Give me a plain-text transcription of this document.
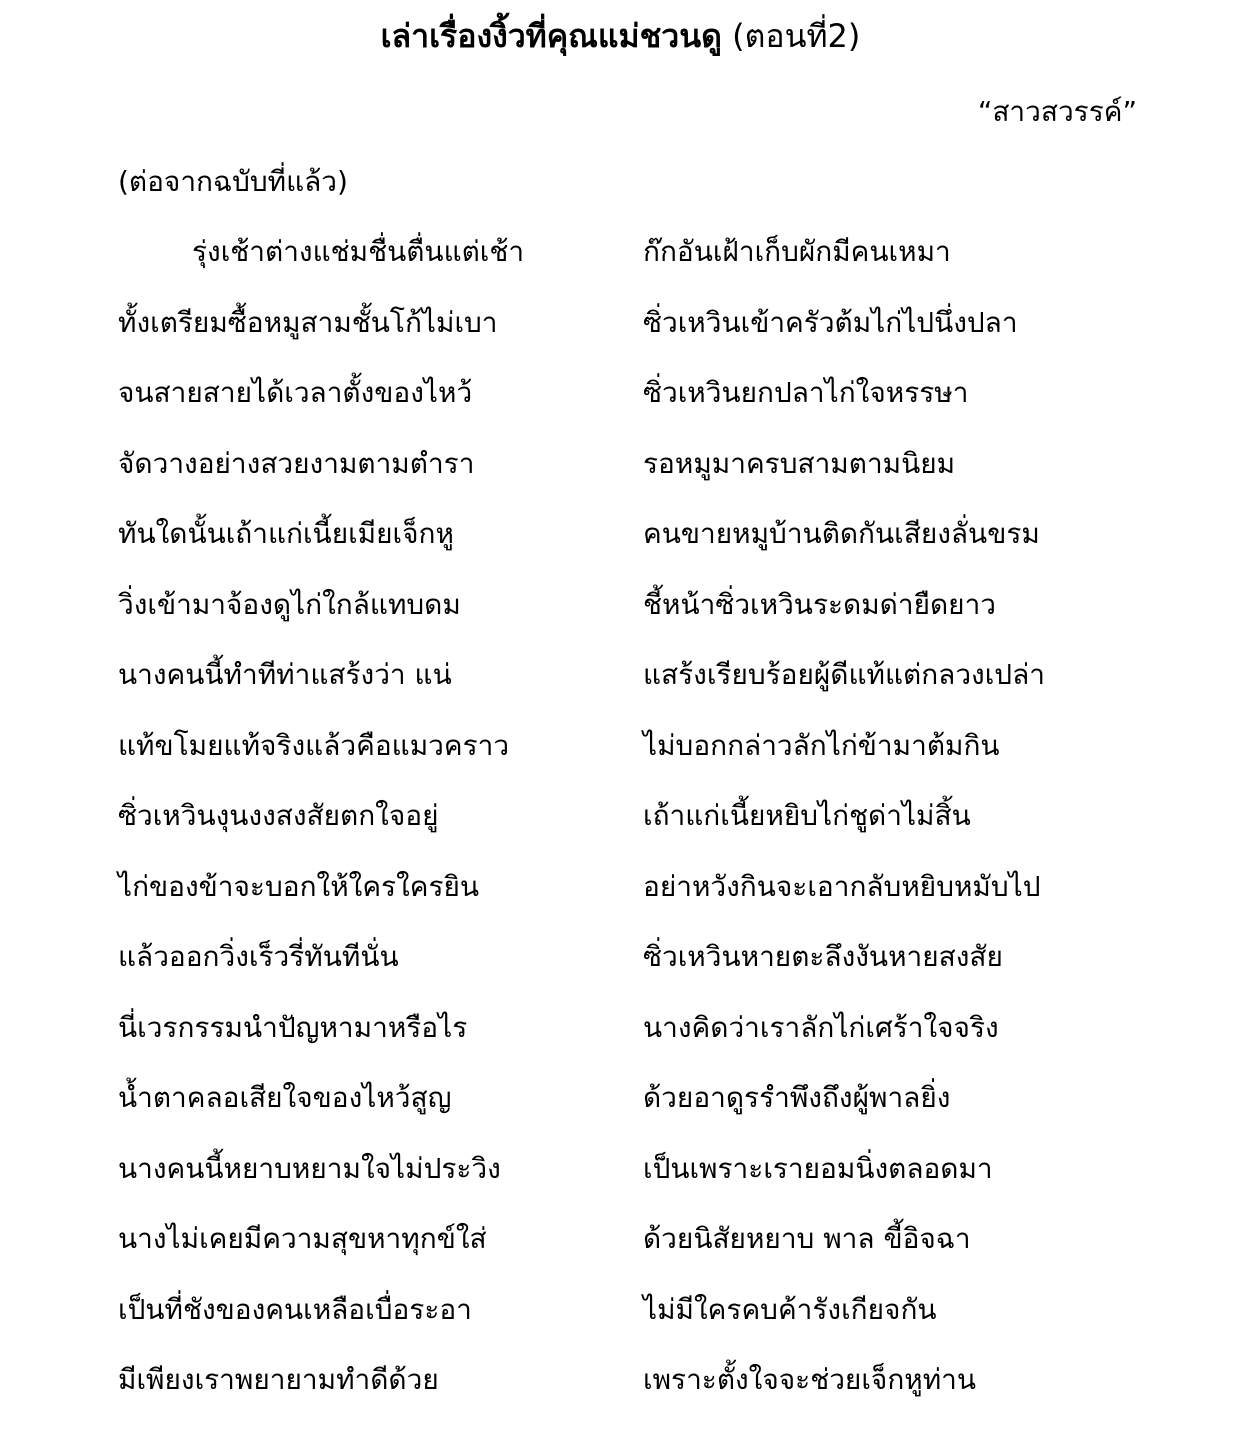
เล่าเรื่องงิ้วที่คุณแม่ชวนดู (ตอนที่2)
“สาวสวรรค์”
(ต่อจากฉบับที่แล้ว)
รุ่งเช้าต่างแช่มชื่นตื่นแต่เช้า	ก๊กอันเฝ้าเก็บผักมีคนเหมา
ทั้งเตรียมซื้อหมูสามชั้นโก้ไม่เบา	ซิ่วเหวินเข้าครัวต้มไก่ไปนึ่งปลา
จนสายสายได้เวลาตั้งของไหว้	ซิ่วเหวินยกปลาไก่ใจหรรษา
จัดวางอย่างสวยงามตามตำรา	รอหมูมาครบสามตามนิยม
ทันใดนั้นเถ้าแก่เนี้ยเมียเจ็กหู	คนขายหมูบ้านติดกันเสียงลั่นขรม
วิ่งเข้ามาจ้องดูไก่ใกล้แทบดม	ชี้หน้าซิ่วเหวินระดมด่ายืดยาว
นางคนนี้ทำทีท่าแสร้งว่า แน่	แสร้งเรียบร้อยผู้ดีแท้แต่กลวงเปล่า
แท้ขโมยแท้จริงแล้วคือแมวคราว	ไม่บอกกล่าวลักไก่ข้ามาต้มกิน
ซิ่วเหวินงุนงงสงสัยตกใจอยู่	เถ้าแก่เนี้ยหยิบไก่ชูด่าไม่สิ้น
ไก่ของข้าจะบอกให้ใครใครยิน	อย่าหวังกินจะเอากลับหยิบหมับไป
แล้วออกวิ่งเร็วรี่ทันทีนั่น	ซิ่วเหวินหายตะลึงงันหายสงสัย
นี่เวรกรรมนำปัญหามาหรือไร	นางคิดว่าเราลักไก่เศร้าใจจริง
น้ำตาคลอเสียใจของไหว้สูญ	ด้วยอาดูรรำพึงถึงผู้พาลยิ่ง
นางคนนี้หยาบหยามใจไม่ประวิง	เป็นเพราะเรายอมนิ่งตลอดมา
นางไม่เคยมีความสุขหาทุกข์ใส่	ด้วยนิสัยหยาบ พาล ขี้อิจฉา
เป็นที่ชังของคนเหลือเบื่อระอา	ไม่มีใครคบค้ารังเกียจกัน
มีเพียงเราพยายามทำดีด้วย	เพราะตั้งใจจะช่วยเจ็กหูท่าน
